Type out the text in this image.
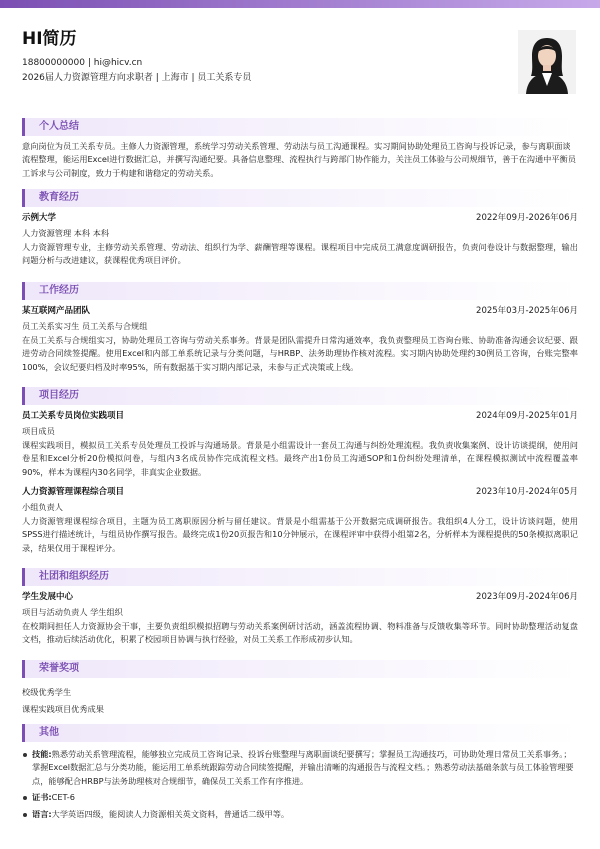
HI简历
18800000000 | hi@hicv.cn
2026届人力资源管理方向求职者 | 上海市 | 员工关系专员
个人总结
意向岗位为员工关系专员。主修人力资源管理，系统学习劳动关系管理、劳动法与员工沟通课程。实习期间协助处理员工咨询与投诉记录，参与离职面谈流程整理，能运用Excel进行数据汇总，并撰写沟通纪要。具备信息整理、流程执行与跨部门协作能力，关注员工体验与公司规细节，善于在沟通中平衡员工诉求与公司制度，致力于构建和谐稳定的劳动关系。
教育经历
示例大学	2022年09月-2026年06月
人力资源管理 本科 本科
人力资源管理专业，主修劳动关系管理、劳动法、组织行为学、薪酬管理等课程。课程项目中完成员工满意度调研报告，负责问卷设计与数据整理，输出问题分析与改进建议，获课程优秀项目评价。
工作经历
某互联网产品团队	2025年03月-2025年06月
员工关系实习生 员工关系与合规组
在员工关系与合规组实习，协助处理员工咨询与劳动关系事务。背景是团队需提升日常沟通效率，我负责整理员工咨询台账、协助准备沟通会议纪要、跟进劳动合同续签提醒。使用Excel和内部工单系统记录与分类问题，与HRBP、法务助理协作核对流程。实习期内协助处理约30例员工咨询，台账完整率100%，会议纪要归档及时率95%，所有数据基于实习期内部记录，未参与正式决策或上线。
项目经历
员工关系专员岗位实践项目	2024年09月-2025年01月
项目成员
课程实践项目，模拟员工关系专员处理员工投诉与沟通场景。背景是小组需设计一套员工沟通与纠纷处理流程。我负责收集案例、设计访谈提纲，使用问卷星和Excel分析20份模拟问卷，与组内3名成员协作完成流程文档。最终产出1份员工沟通SOP和1份纠纷处理清单，在课程模拟测试中流程覆盖率90%，样本为课程内30名同学，非真实企业数据。
人力资源管理课程综合项目	2023年10月-2024年05月
小组负责人
人力资源管理课程综合项目，主题为员工离职原因分析与留任建议。背景是小组需基于公开数据完成调研报告。我组织4人分工，设计访谈问题，使用SPSS进行描述统计，与组员协作撰写报告。最终完成1份20页报告和10分钟展示，在课程评审中获得小组第2名，分析样本为课程提供的50条模拟离职记录，结果仅用于课程评分。
社团和组织经历
学生发展中心	2023年09月-2024年06月
项目与活动负责人 学生组织
在校期间担任人力资源协会干事，主要负责组织模拟招聘与劳动关系案例研讨活动，涵盖流程协调、物料准备与反馈收集等环节。同时协助整理活动复盘文档，推动后续活动优化，积累了校园项目协调与执行经验，对员工关系工作形成初步认知。
荣誉奖项
校级优秀学生
课程实践项目优秀成果
其他
技能:熟悉劳动关系管理流程，能够独立完成员工咨询记录、投诉台账整理与离职面谈纪要撰写；掌握员工沟通技巧，可协助处理日常员工关系事务。；掌握Excel数据汇总与分类功能，能运用工单系统跟踪劳动合同续签提醒，并输出清晰的沟通报告与流程文档。；熟悉劳动法基础条款与员工体验管理要点，能够配合HRBP与法务助理核对合规细节，确保员工关系工作有序推进。
证书:CET-6
语言:大学英语四级，能阅读人力资源相关英文资料，普通话二级甲等。
